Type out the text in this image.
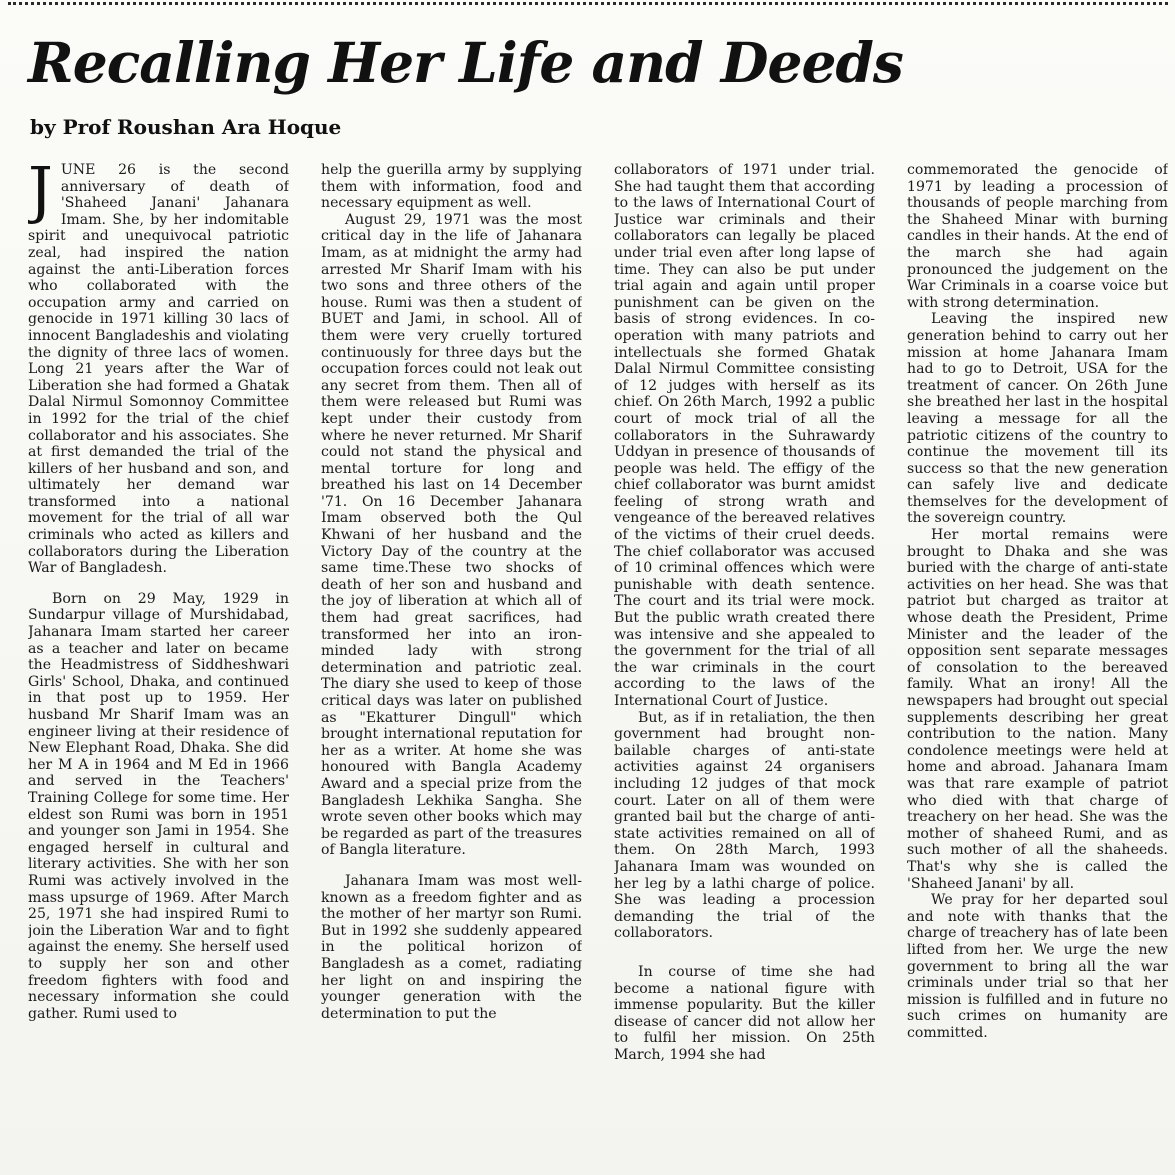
Recalling Her Life and Deeds
by Prof Roushan Ara Hoque

JUNE 26 is the second anniversary of death of 'Shaheed Janani' Jahanara Imam. She, by her indomitable spirit and unequivocal patriotic zeal, had inspired the nation against the anti-Liberation forces who collaborated with the occupation army and carried on genocide in 1971 killing 30 lacs of innocent Bangladeshis and violating the dignity of three lacs of women. Long 21 years after the War of Liberation she had formed a Ghatak Dalal Nirmul Somonnoy Committee in 1992 for the trial of the chief collaborator and his associates. She at first demanded the trial of the killers of her husband and son, and ultimately her demand war transformed into a national movement for the trial of all war criminals who acted as killers and collaborators during the Liberation War of Bangladesh.

Born on 29 May, 1929 in Sundarpur village of Murshidabad, Jahanara Imam started her career as a teacher and later on became the Headmistress of Siddheshwari Girls' School, Dhaka, and continued in that post up to 1959. Her husband Mr Sharif Imam was an engineer living at their residence of New Elephant Road, Dhaka. She did her M A in 1964 and M Ed in 1966 and served in the Teachers' Training College for some time. Her eldest son Rumi was born in 1951 and younger son Jami in 1954. She engaged herself in cultural and literary activities. She with her son Rumi was actively involved in the mass upsurge of 1969. After March 25, 1971 she had inspired Rumi to join the Liberation War and to fight against the enemy. She herself used to supply her son and other freedom fighters with food and necessary information she could gather. Rumi used to

help the guerilla army by supplying them with information, food and necessary equipment as well.

August 29, 1971 was the most critical day in the life of Jahanara Imam, as at midnight the army had arrested Mr Sharif Imam with his two sons and three others of the house. Rumi was then a student of BUET and Jami, in school. All of them were very cruelly tortured continuously for three days but the occupation forces could not leak out any secret from them. Then all of them were released but Rumi was kept under their custody from where he never returned. Mr Sharif could not stand the physical and mental torture for long and breathed his last on 14 December '71. On 16 December Jahanara Imam observed both the Qul Khwani of her husband and the Victory Day of the country at the same time.These two shocks of death of her son and husband and the joy of liberation at which all of them had great sacrifices, had transformed her into an iron-minded lady with strong determination and patriotic zeal. The diary she used to keep of those critical days was later on published as "Ekatturer Dingull" which brought international reputation for her as a writer. At home she was honoured with Bangla Academy Award and a special prize from the Bangladesh Lekhika Sangha. She wrote seven other books which may be regarded as part of the treasures of Bangla literature.

Jahanara Imam was most well-known as a freedom fighter and as the mother of her martyr son Rumi. But in 1992 she suddenly appeared in the political horizon of Bangladesh as a comet, radiating her light on and inspiring the younger generation with the determination to put the

collaborators of 1971 under trial. She had taught them that according to the laws of International Court of Justice war criminals and their collaborators can legally be placed under trial even after long lapse of time. They can also be put under trial again and again until proper punishment can be given on the basis of strong evidences. In co-operation with many patriots and intellectuals she formed Ghatak Dalal Nirmul Committee consisting of 12 judges with herself as its chief. On 26th March, 1992 a public court of mock trial of all the collaborators in the Suhrawardy Uddyan in presence of thousands of people was held. The effigy of the chief collaborator was burnt amidst feeling of strong wrath and vengeance of the bereaved relatives of the victims of their cruel deeds. The chief collaborator was accused of 10 criminal offences which were punishable with death sentence. The court and its trial were mock. But the public wrath created there was intensive and she appealed to the government for the trial of all the war criminals in the court according to the laws of the International Court of Justice.

But, as if in retaliation, the then government had brought non-bailable charges of anti-state activities against 24 organisers including 12 judges of that mock court. Later on all of them were granted bail but the charge of anti-state activities remained on all of them. On 28th March, 1993 Jahanara Imam was wounded on her leg by a lathi charge of police. She was leading a procession demanding the trial of the collaborators.

In course of time she had become a national figure with immense popularity. But the killer disease of cancer did not allow her to fulfil her mission. On 25th March, 1994 she had

commemorated the genocide of 1971 by leading a procession of thousands of people marching from the Shaheed Minar with burning candles in their hands. At the end of the march she had again pronounced the judgement on the War Criminals in a coarse voice but with strong determination.

Leaving the inspired new generation behind to carry out her mission at home Jahanara Imam had to go to Detroit, USA for the treatment of cancer. On 26th June she breathed her last in the hospital leaving a message for all the patriotic citizens of the country to continue the movement till its success so that the new generation can safely live and dedicate themselves for the development of the sovereign country.

Her mortal remains were brought to Dhaka and she was buried with the charge of anti-state activities on her head. She was that patriot but charged as traitor at whose death the President, Prime Minister and the leader of the opposition sent separate messages of consolation to the bereaved family. What an irony! All the newspapers had brought out special supplements describing her great contribution to the nation. Many condolence meetings were held at home and abroad. Jahanara Imam was that rare example of patriot who died with that charge of treachery on her head. She was the mother of shaheed Rumi, and as such mother of all the shaheeds. That's why she is called the 'Shaheed Janani' by all.

We pray for her departed soul and note with thanks that the charge of treachery has of late been lifted from her. We urge the new government to bring all the war criminals under trial so that her mission is fulfilled and in future no such crimes on humanity are committed.
